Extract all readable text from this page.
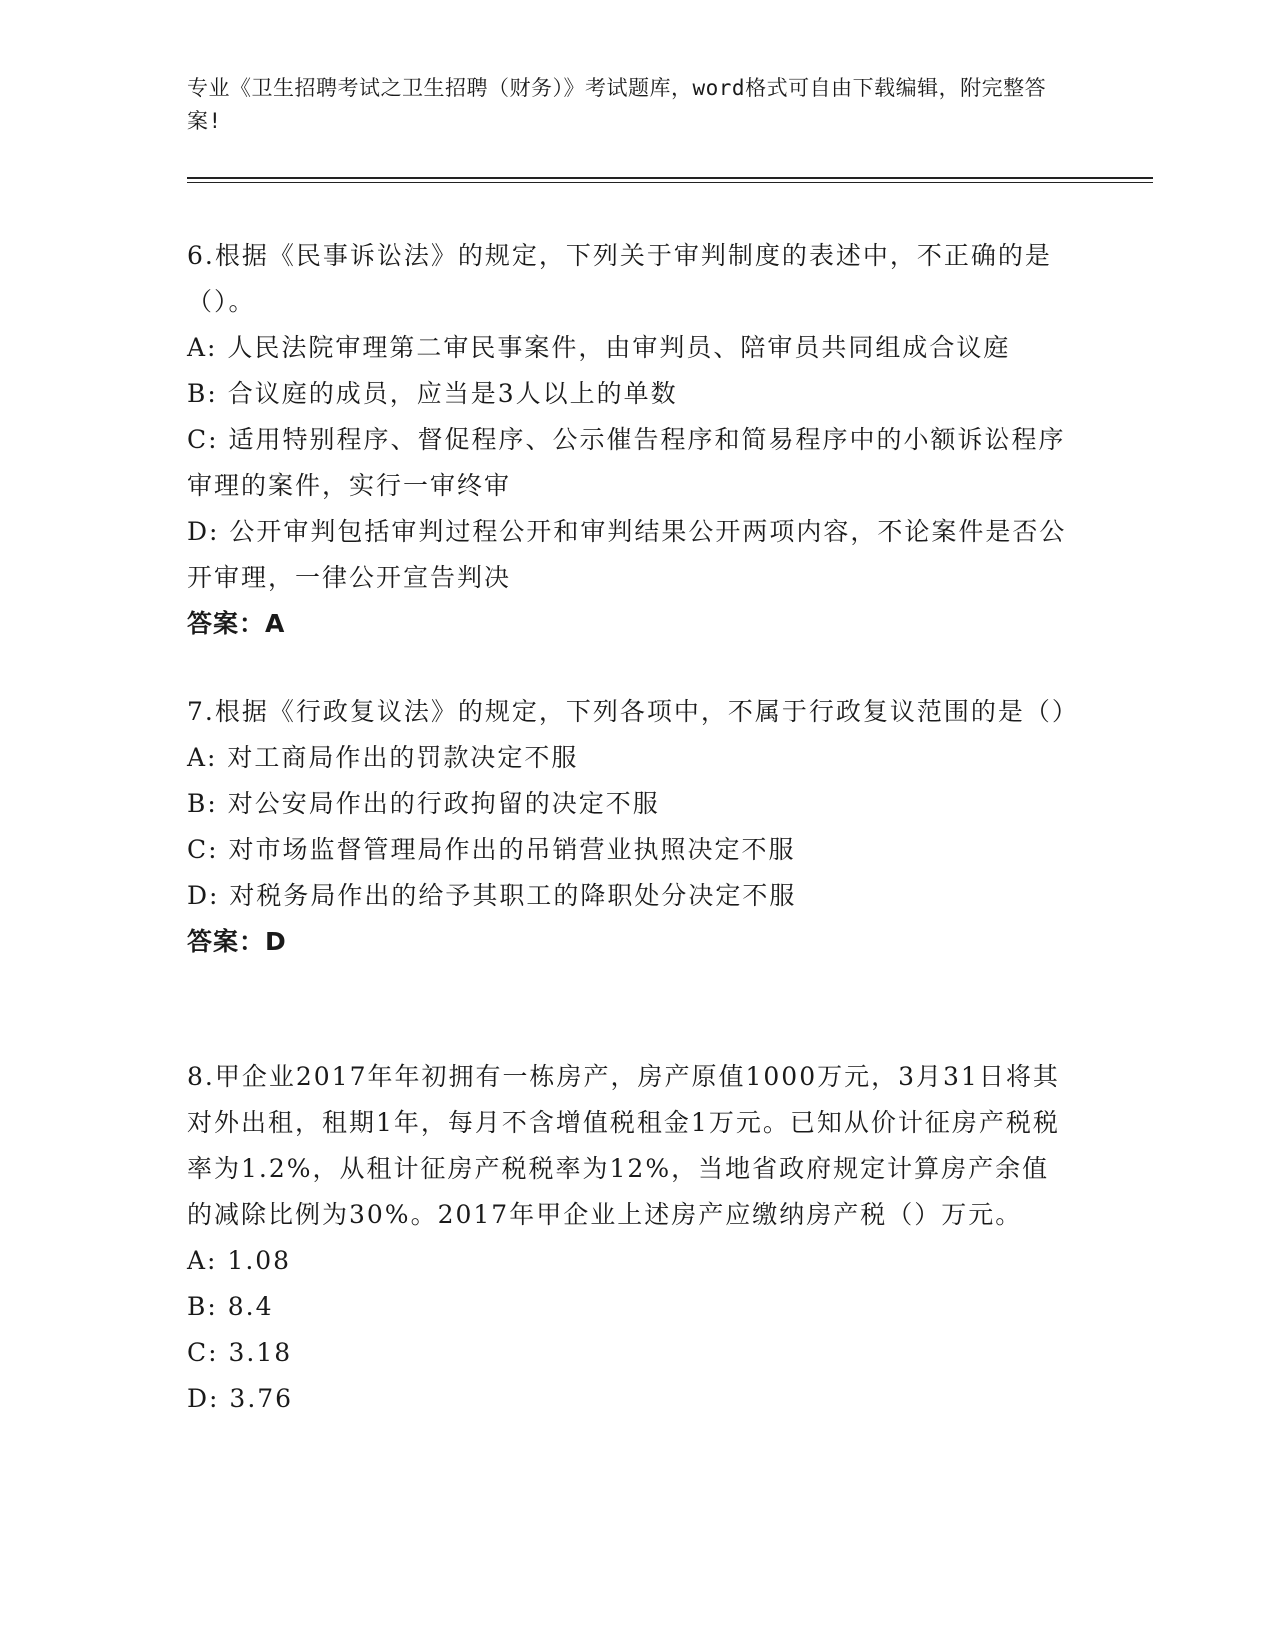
专业《卫生招聘考试之卫生招聘（财务）》考试题库，word格式可自由下载编辑，附完整答案!

6.根据《民事诉讼法》的规定，下列关于审判制度的表述中，不正确的是（）。

A: 人民法院审理第二审民事案件，由审判员、陪审员共同组成合议庭

B: 合议庭的成员，应当是3人以上的单数

C: 适用特别程序、督促程序、公示催告程序和简易程序中的小额诉讼程序审理的案件，实行一审终审

D: 公开审判包括审判过程公开和审判结果公开两项内容，不论案件是否公开审理，一律公开宣告判决

答案：A

7.根据《行政复议法》的规定，下列各项中，不属于行政复议范围的是（）

A: 对工商局作出的罚款决定不服

B: 对公安局作出的行政拘留的决定不服

C: 对市场监督管理局作出的吊销营业执照决定不服

D: 对税务局作出的给予其职工的降职处分决定不服

答案：D

8.甲企业2017年年初拥有一栋房产，房产原值1000万元，3月31日将其对外出租，租期1年，每月不含增值税租金1万元。已知从价计征房产税税率为1.2%，从租计征房产税税率为12%，当地省政府规定计算房产余值的减除比例为30%。2017年甲企业上述房产应缴纳房产税（）万元。

A: 1.08

B: 8.4

C: 3.18

D: 3.76
